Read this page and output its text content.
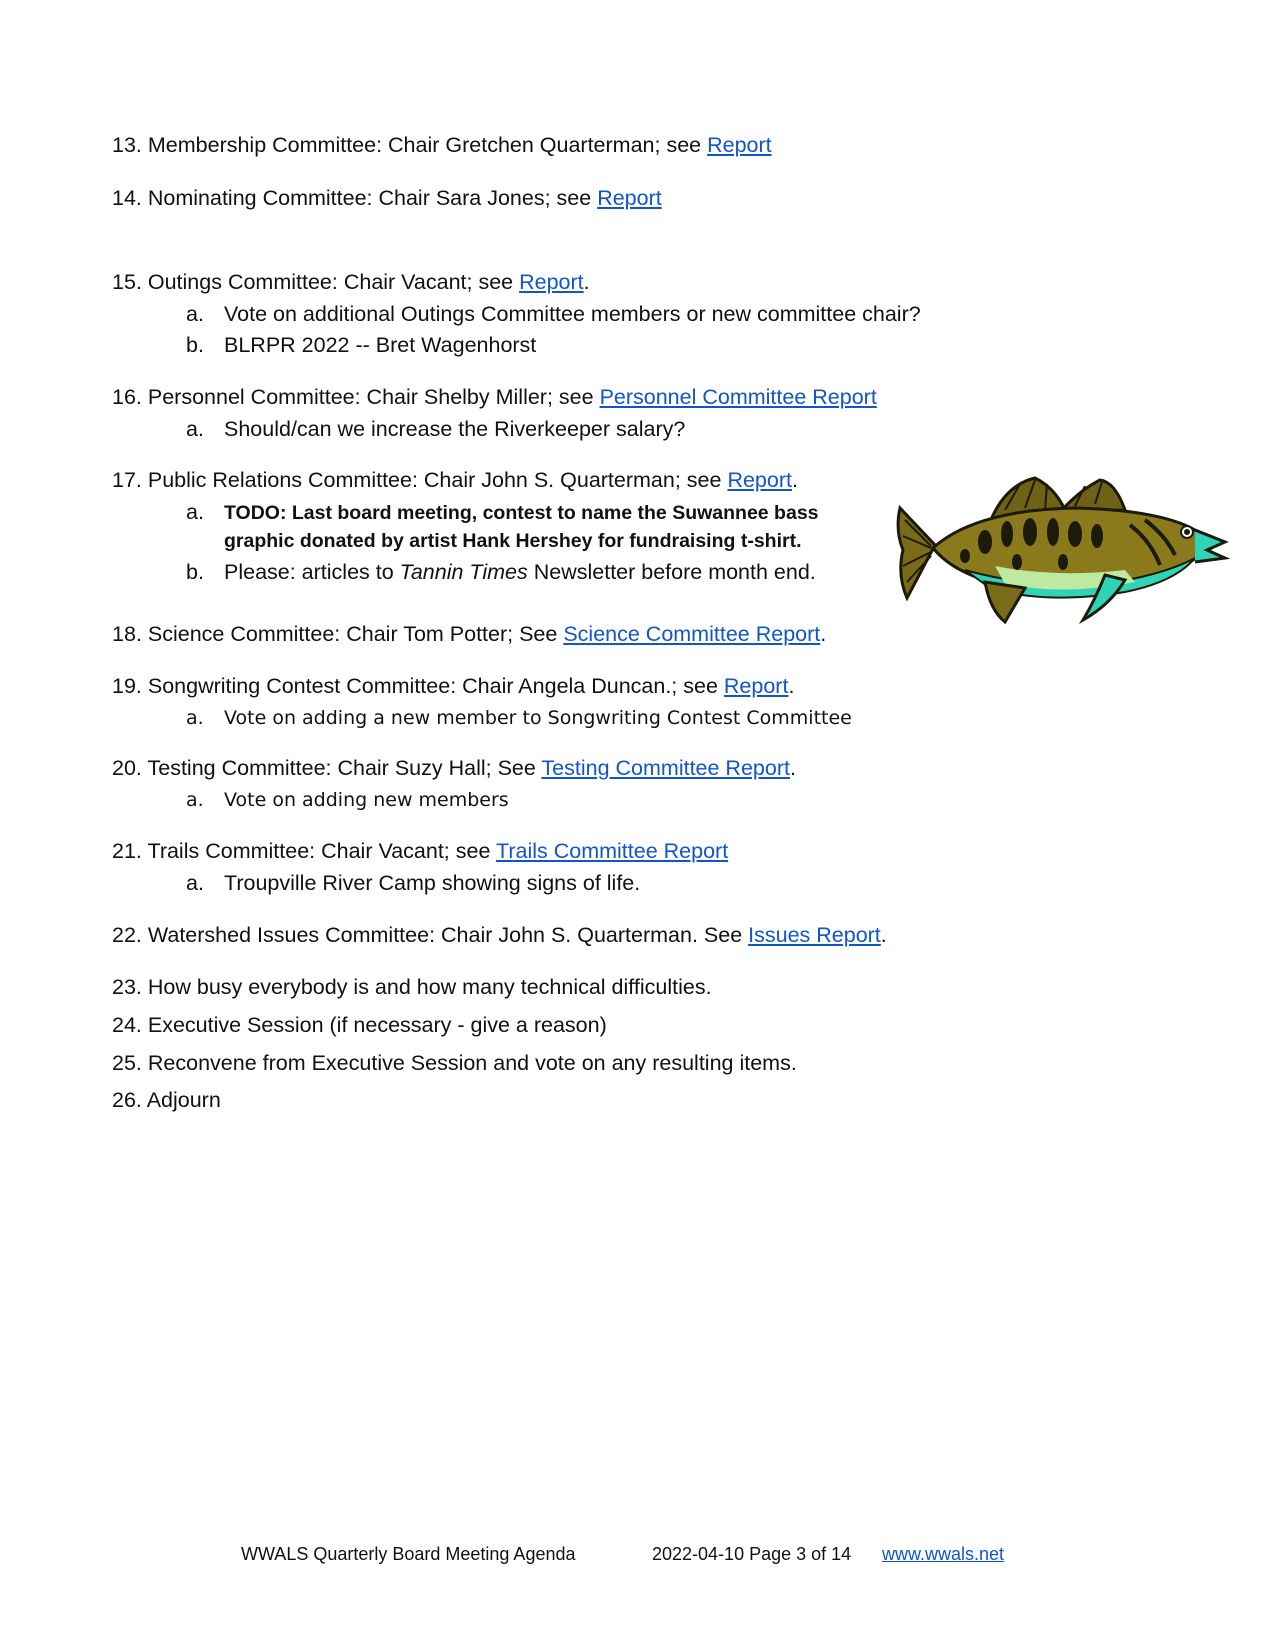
13. Membership Committee: Chair Gretchen Quarterman; see Report
14. Nominating Committee: Chair Sara Jones; see Report
15. Outings Committee: Chair Vacant; see Report.
a. Vote on additional Outings Committee members or new committee chair?
b. BLRPR 2022 -- Bret Wagenhorst
16. Personnel Committee: Chair Shelby Miller; see Personnel Committee Report
a. Should/can we increase the Riverkeeper salary?
17. Public Relations Committee: Chair John S. Quarterman; see Report.
a. TODO: Last board meeting, contest to name the Suwannee bass graphic donated by artist Hank Hershey for fundraising t-shirt.
b. Please: articles to Tannin Times Newsletter before month end.
18. Science Committee: Chair Tom Potter; See Science Committee Report.
19. Songwriting Contest Committee: Chair Angela Duncan.; see Report.
a. Vote on adding a new member to Songwriting Contest Committee
20. Testing Committee: Chair Suzy Hall; See Testing Committee Report.
a. Vote on adding new members
21. Trails Committee: Chair Vacant; see Trails Committee Report
a. Troupville River Camp showing signs of life.
22. Watershed Issues Committee: Chair John S. Quarterman. See Issues Report.
23. How busy everybody is and how many technical difficulties.
24. Executive Session (if necessary - give a reason)
25. Reconvene from Executive Session and vote on any resulting items.
26. Adjourn
WWALS Quarterly Board Meeting Agenda	2022-04-10 Page 3 of 14 www.wwals.net
